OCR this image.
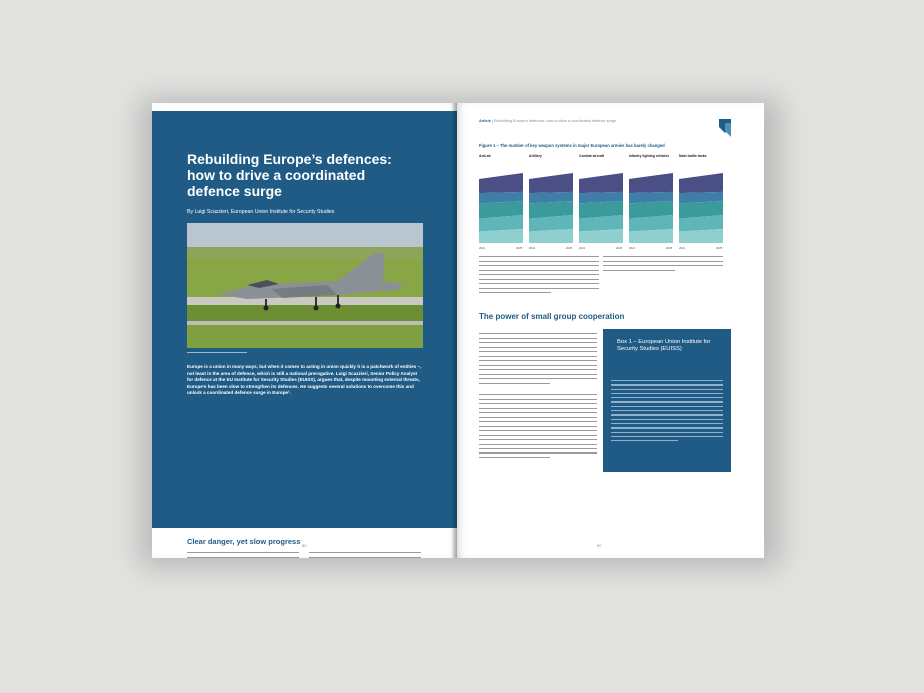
Rebuilding Europe’s defences: how to drive a coordinated defence surge
By Luigi Scazzieri, European Union Institute for Security Studies

Europe is a union in many ways, but when it comes to acting in union quickly it is a patchwork of entities –, not least in the area of defence, which is still a national prerogative. Luigi Scazzieri, Senior Policy Analyst for defence at the EU Institute for Security Studies (EUISS), argues that, despite mounting external threats, Europe’s has been slow to strengthen its defences. He suggests several solutions to overcome this and unlock a coordinated defence surge in Europe¹.

Clear danger, yet slow progress 89
Article | Rebuilding Europe’s defences: how to drive a coordinated defence surge
Figure 1 – The number of key weapon systems in major European armies has barely changed
Anti-air
2021	2025
Artillery
2021	2025
Combat aircraft
2021	2025
Infantry fighting vehicles
2021	2025
Main battle tanks
2021	2025
The power of small group cooperation
Box 1 – European Union Institute for Security Studies (EUISS)
90
